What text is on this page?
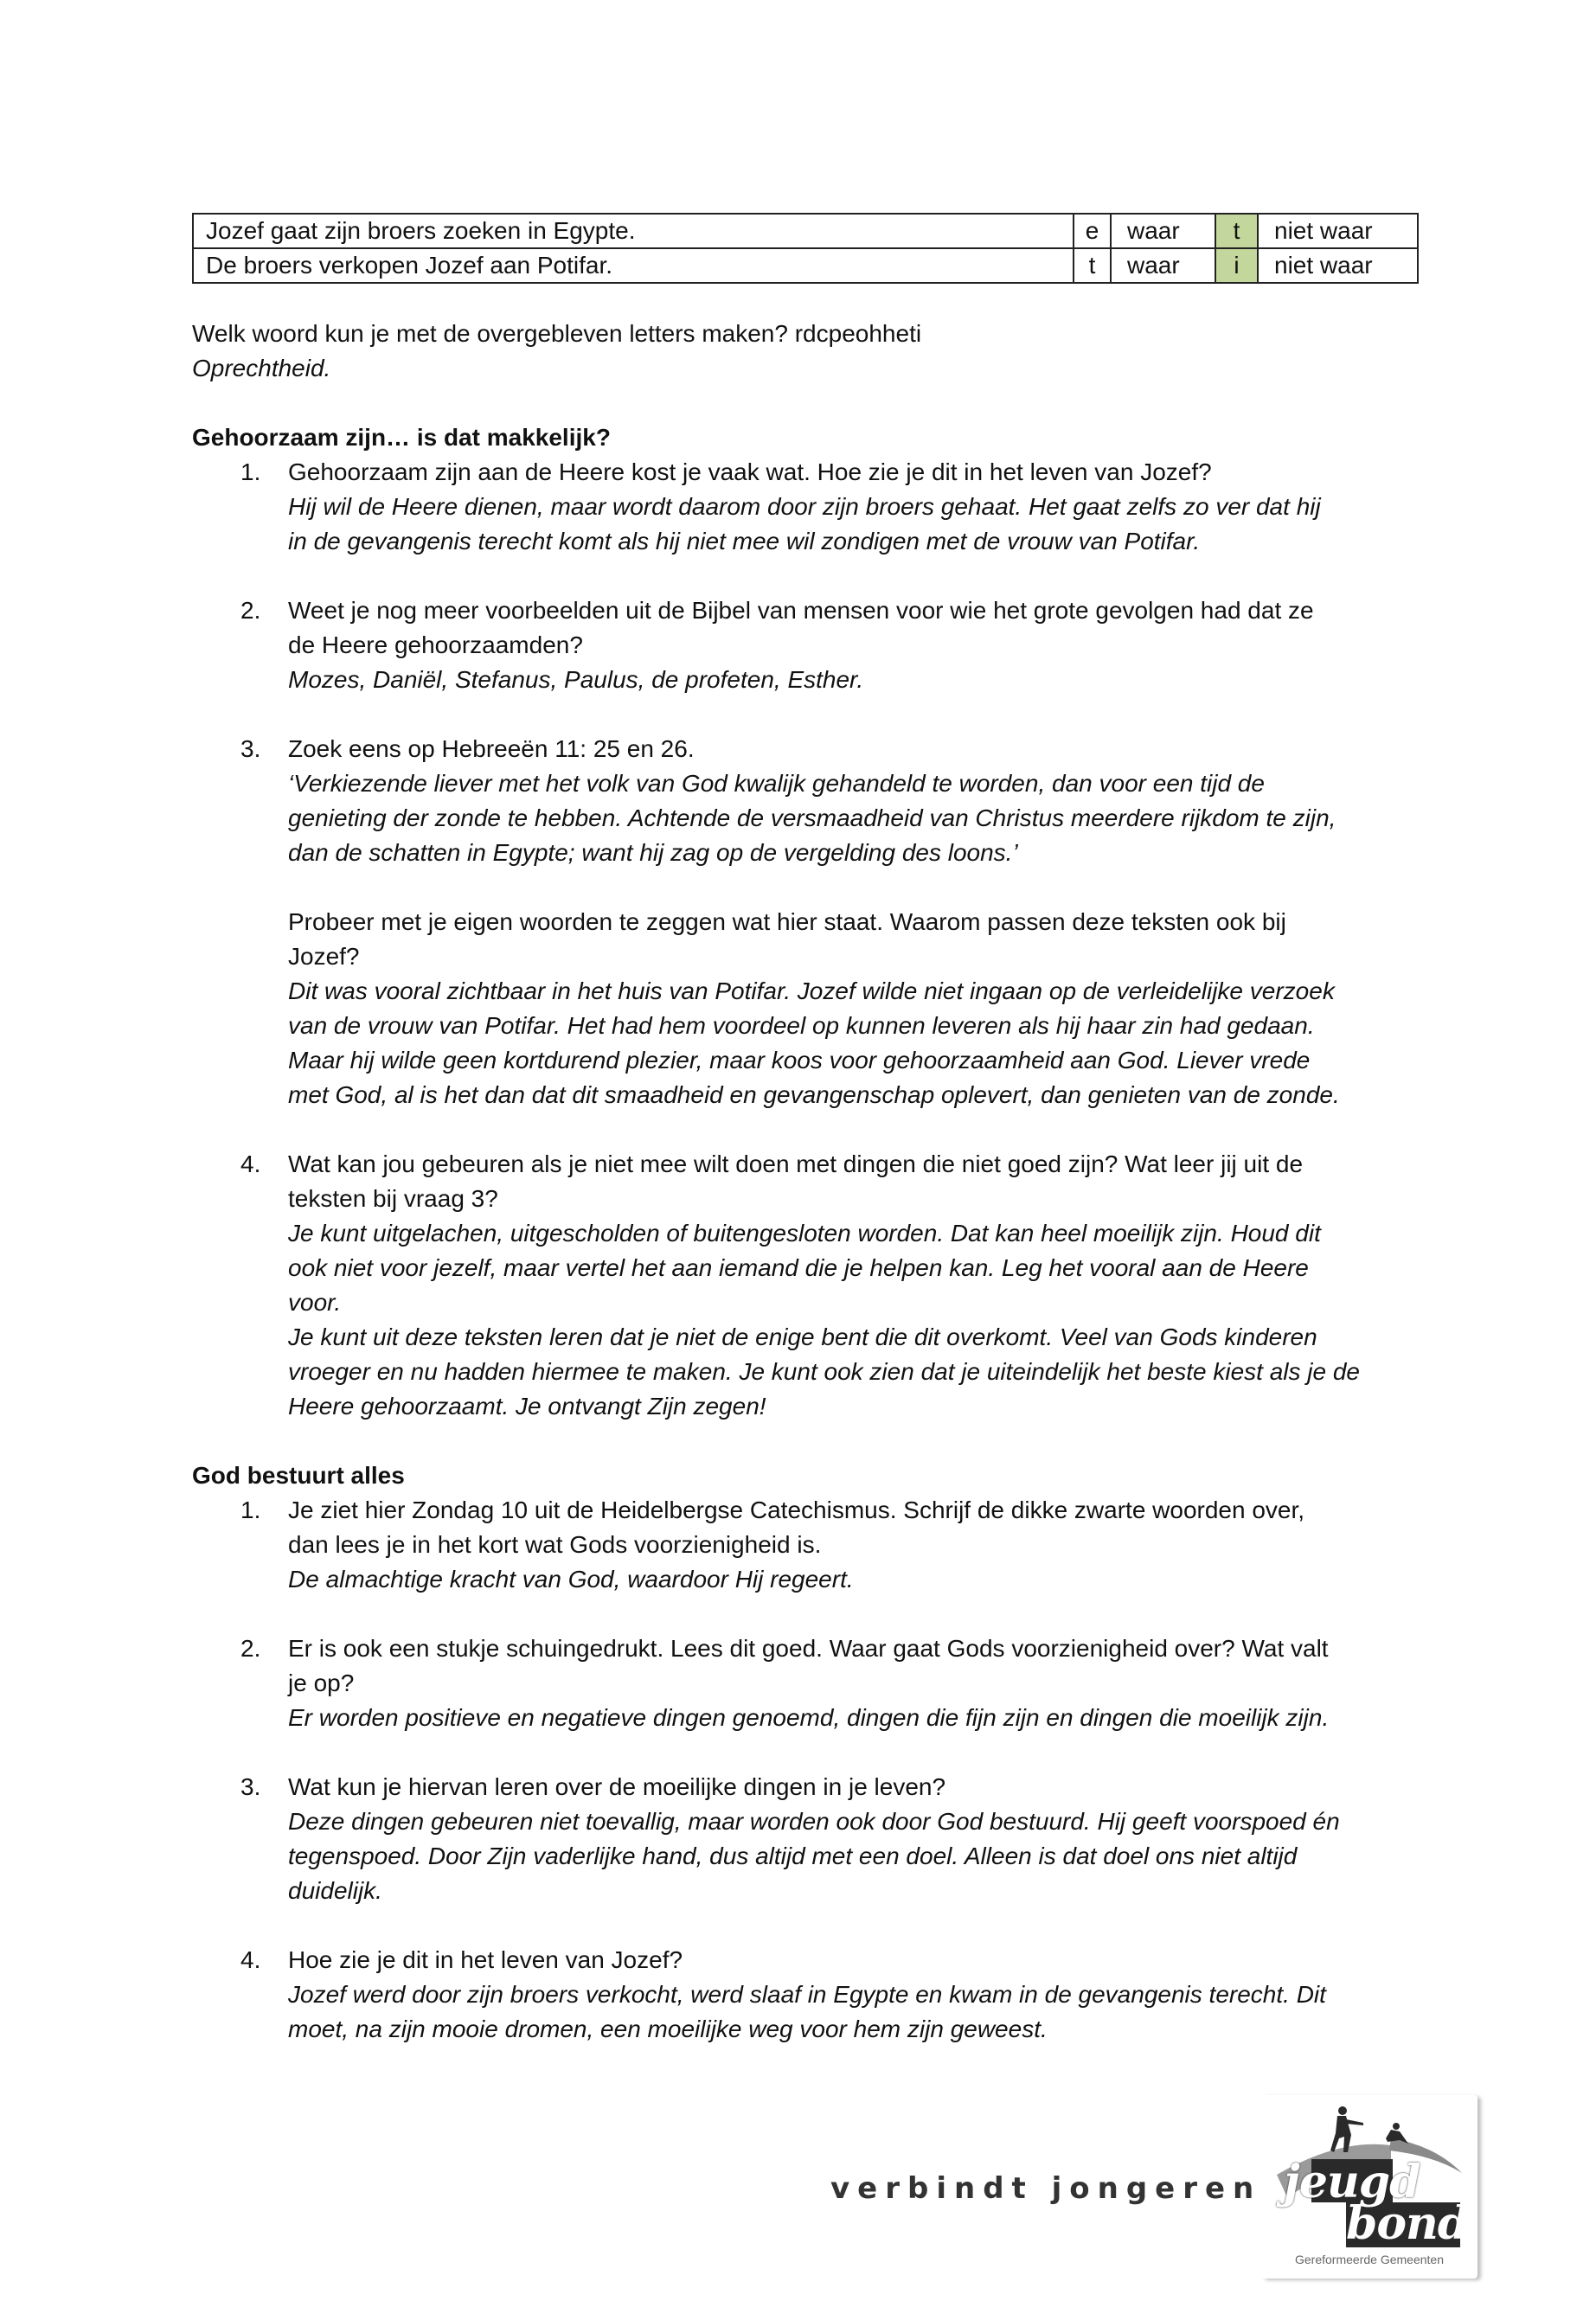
Jozef gaat zijn broers zoeken in Egypte.	e	waar	t	niet waar
De broers verkopen Jozef aan Potifar.	t	waar	i	niet waar
Welk woord kun je met de overgebleven letters maken? rdcpeohheti
Oprechtheid.
Gehoorzaam zijn… is dat makkelijk?
1.	Gehoorzaam zijn aan de Heere kost je vaak wat. Hoe zie je dit in het leven van Jozef?
Hij wil de Heere dienen, maar wordt daarom door zijn broers gehaat. Het gaat zelfs zo ver dat hij
in de gevangenis terecht komt als hij niet mee wil zondigen met de vrouw van Potifar.
2.	Weet je nog meer voorbeelden uit de Bijbel van mensen voor wie het grote gevolgen had dat ze
de Heere gehoorzaamden?
Mozes, Daniël, Stefanus, Paulus, de profeten, Esther.
3.	Zoek eens op Hebreeën 11: 25 en 26.
‘Verkiezende liever met het volk van God kwalijk gehandeld te worden, dan voor een tijd de
genieting der zonde te hebben. Achtende de versmaadheid van Christus meerdere rijkdom te zijn,
dan de schatten in Egypte; want hij zag op de vergelding des loons.’
Probeer met je eigen woorden te zeggen wat hier staat. Waarom passen deze teksten ook bij
Jozef?
Dit was vooral zichtbaar in het huis van Potifar. Jozef wilde niet ingaan op de verleidelijke verzoek
van de vrouw van Potifar. Het had hem voordeel op kunnen leveren als hij haar zin had gedaan.
Maar hij wilde geen kortdurend plezier, maar koos voor gehoorzaamheid aan God. Liever vrede
met God, al is het dan dat dit smaadheid en gevangenschap oplevert, dan genieten van de zonde.
4.	Wat kan jou gebeuren als je niet mee wilt doen met dingen die niet goed zijn? Wat leer jij uit de
teksten bij vraag 3?
Je kunt uitgelachen, uitgescholden of buitengesloten worden. Dat kan heel moeilijk zijn. Houd dit
ook niet voor jezelf, maar vertel het aan iemand die je helpen kan. Leg het vooral aan de Heere
voor.
Je kunt uit deze teksten leren dat je niet de enige bent die dit overkomt. Veel van Gods kinderen
vroeger en nu hadden hiermee te maken. Je kunt ook zien dat je uiteindelijk het beste kiest als je de
Heere gehoorzaamt. Je ontvangt Zijn zegen!
God bestuurt alles
1.	Je ziet hier Zondag 10 uit de Heidelbergse Catechismus. Schrijf de dikke zwarte woorden over,
dan lees je in het kort wat Gods voorzienigheid is.
De almachtige kracht van God, waardoor Hij regeert.
2.	Er is ook een stukje schuingedrukt. Lees dit goed. Waar gaat Gods voorzienigheid over? Wat valt
je op?
Er worden positieve en negatieve dingen genoemd, dingen die fijn zijn en dingen die moeilijk zijn.
3.	Wat kun je hiervan leren over de moeilijke dingen in je leven?
Deze dingen gebeuren niet toevallig, maar worden ook door God bestuurd. Hij geeft voorspoed én
tegenspoed. Door Zijn vaderlijke hand, dus altijd met een doel. Alleen is dat doel ons niet altijd
duidelijk.
4.	Hoe zie je dit in het leven van Jozef?
Jozef werd door zijn broers verkocht, werd slaaf in Egypte en kwam in de gevangenis terecht. Dit
moet, na zijn mooie dromen, een moeilijke weg voor hem zijn geweest.
verbindt jongeren jeugd
bond
Gereformeerde Gemeenten
